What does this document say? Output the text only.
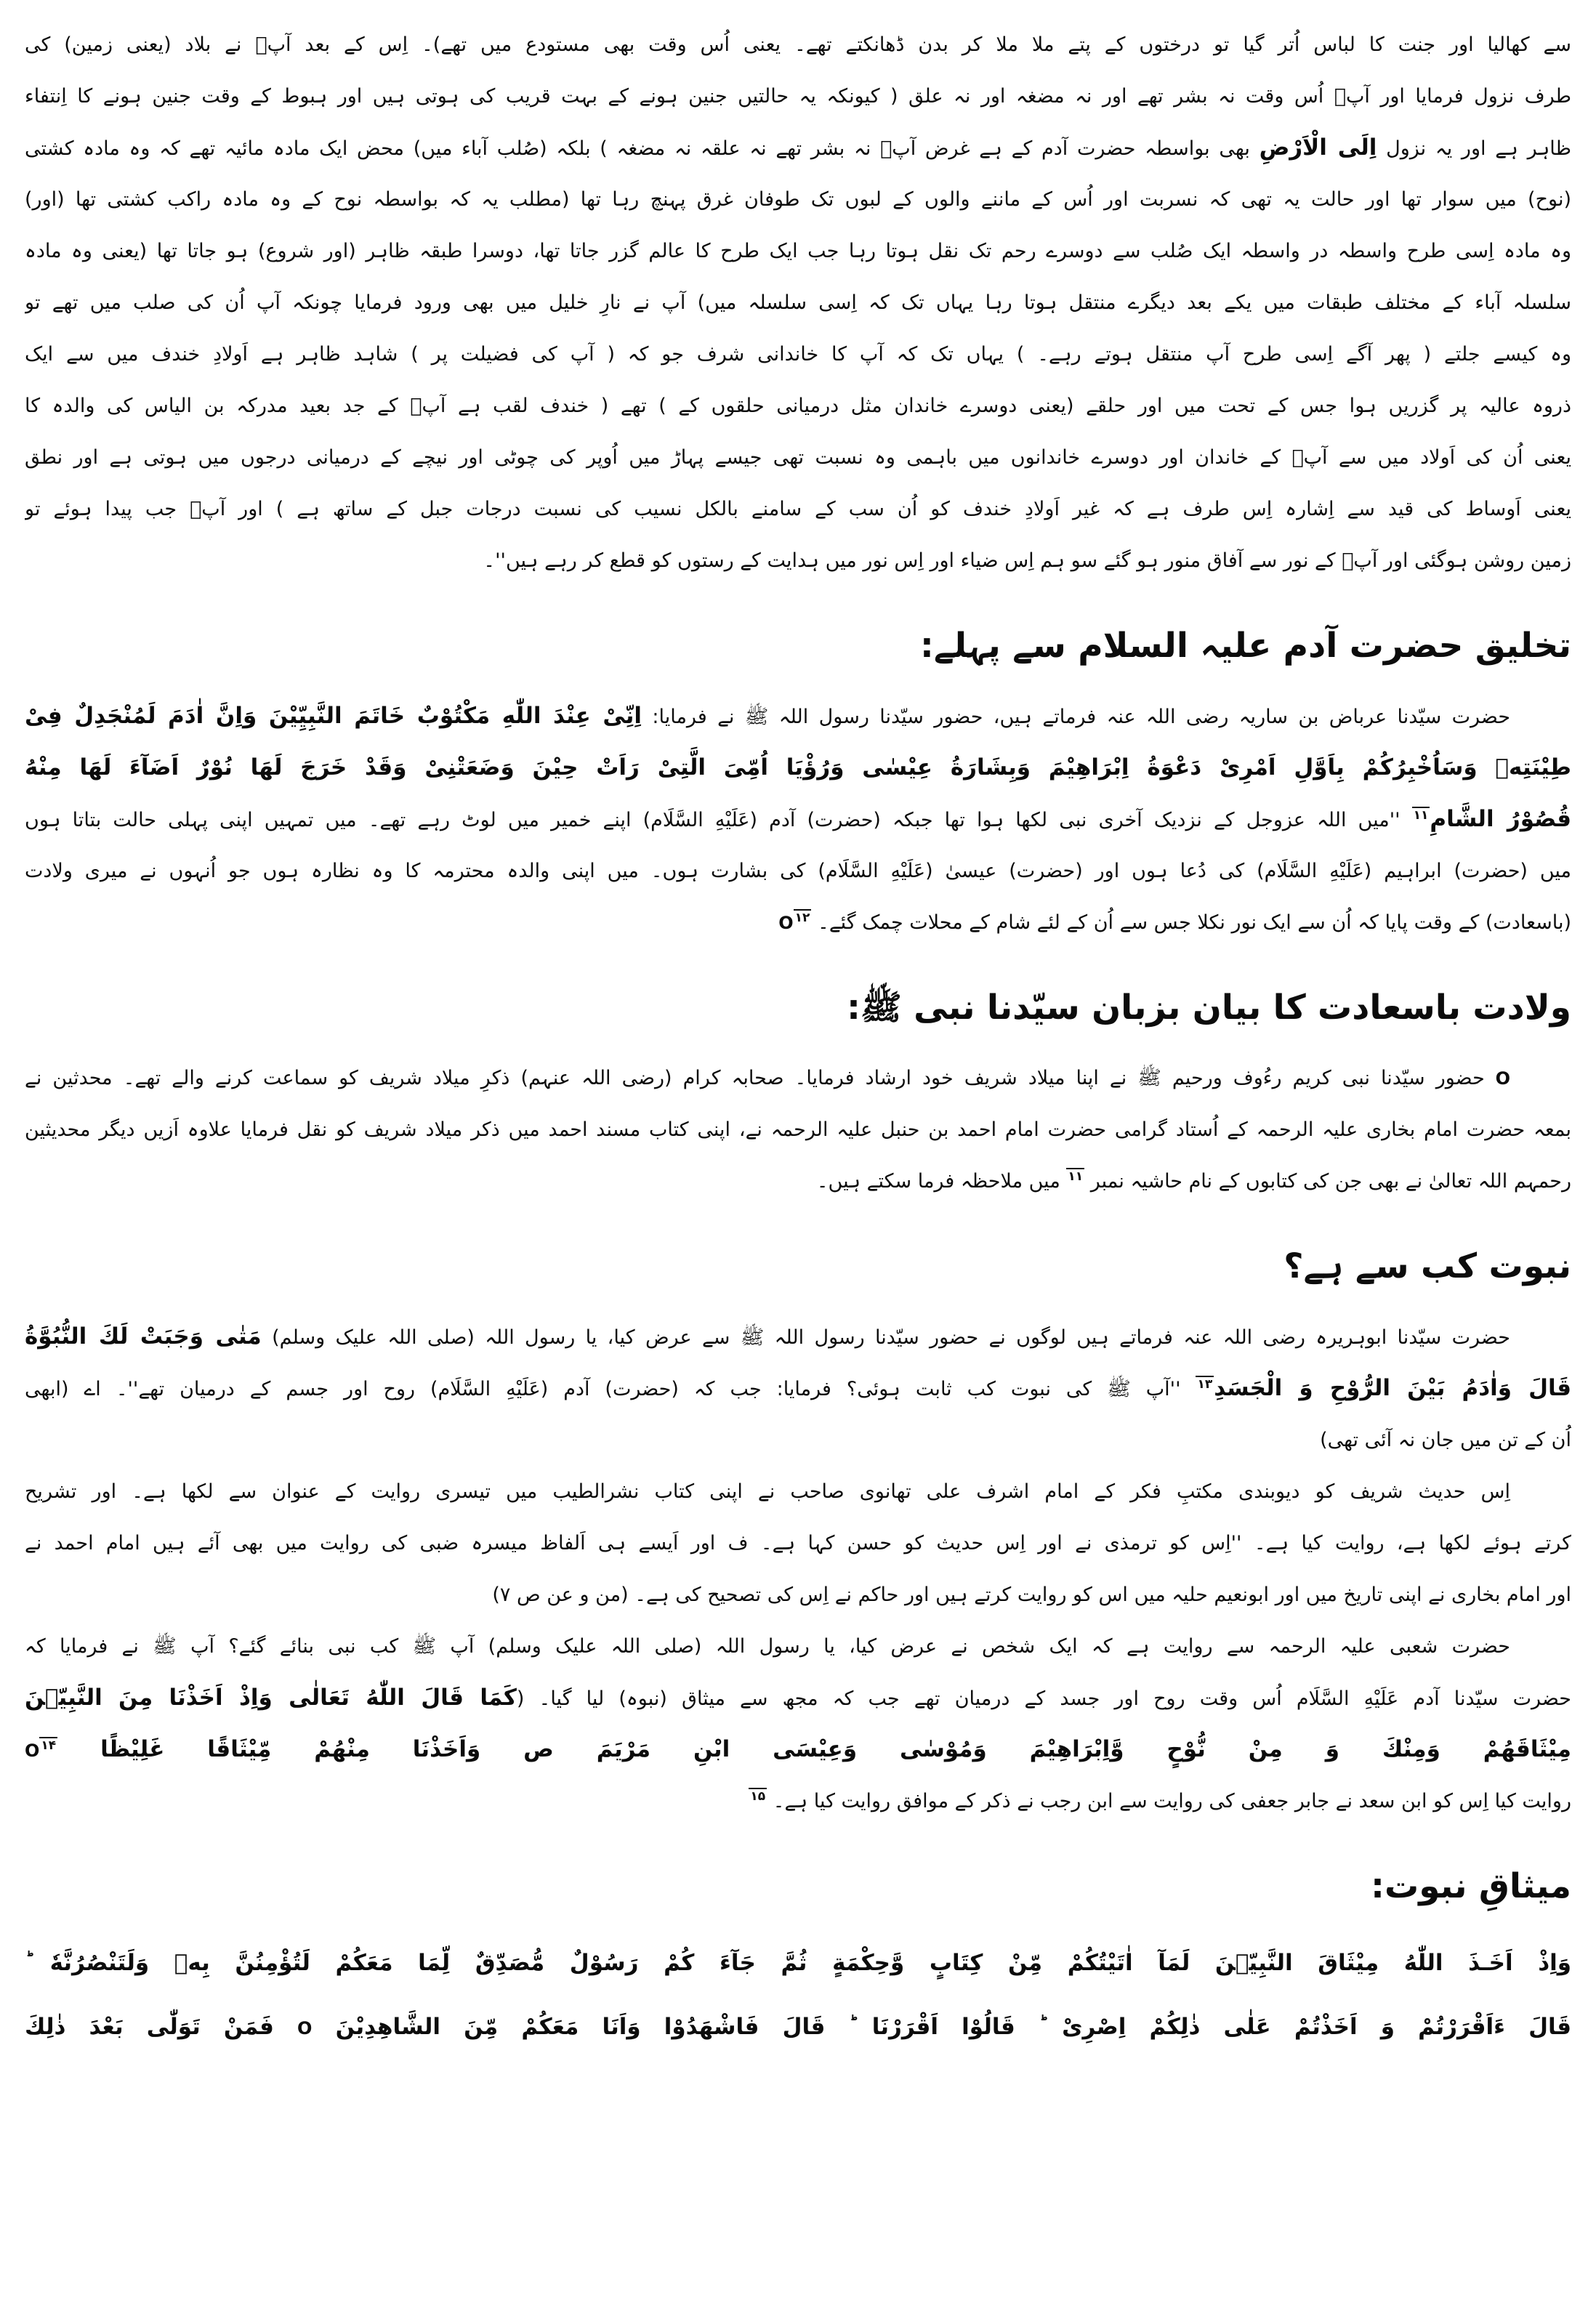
سے کھالیا اور جنت کا لباس اُتر گیا تو درختوں کے پتے ملا ملا کر بدن ڈھانکتے تھے۔ یعنی اُس وقت بھی مستودع میں تھے)۔ اِس کے بعد آپؐ نے بلاد (یعنی زمین) کی
طرف نزول فرمایا اور آپؐ اُس وقت نہ بشر تھے اور نہ مضغہ اور نہ علق ( کیونکہ یہ حالتیں جنین ہونے کے بہت قریب کی ہوتی ہیں اور ہبوط کے وقت جنین ہونے کا اِنتفاء
ظاہر ہے اور یہ نزول اِلَى الْاَرْضِ بھی بواسطہ حضرت آدم کے ہے غرض آپؐ نہ بشر تھے نہ علقہ نہ مضغہ ) بلکہ (صُلب آباء میں) محض ایک مادہ مائیہ تھے کہ وہ مادہ کشتی
(نوح) میں سوار تھا اور حالت یہ تھی کہ نسربت اور اُس کے ماننے والوں کے لبوں تک طوفان غرق پہنچ رہا تھا (مطلب یہ کہ بواسطہ نوح کے وہ مادہ راکب کشتی تھا (اور)
وہ مادہ اِسی طرح واسطہ در واسطہ ایک صُلب سے دوسرے رحم تک نقل ہوتا رہا جب ایک طرح کا عالم گزر جاتا تھا، دوسرا طبقہ ظاہر (اور شروع) ہو جاتا تھا (یعنی وہ مادہ
سلسلہ آباء کے مختلف طبقات میں یکے بعد دیگرے منتقل ہوتا رہا یہاں تک کہ اِسی سلسلہ میں) آپ نے نارِ خلیل میں بھی ورود فرمایا چونکہ آپ اُن کی صلب میں تھے تو
وہ کیسے جلتے ( پھر آگے اِسی طرح آپ منتقل ہوتے رہے۔ ) یہاں تک کہ آپ کا خاندانی شرف جو کہ ( آپ کی فضیلت پر ) شاہد ظاہر ہے اَولادِ خندف میں سے ایک
ذروہ عالیہ پر گزریں ہوا جس کے تحت میں اور حلقے (یعنی دوسرے خاندان مثل درمیانی حلقوں کے ) تھے ( خندف لقب ہے آپؐ کے جد بعید مدرکہ بن الیاس کی والدہ کا
یعنی اُن کی اَولاد میں سے آپؐ کے خاندان اور دوسرے خاندانوں میں باہمی وہ نسبت تھی جیسے پہاڑ میں اُوپر کی چوٹی اور نیچے کے درمیانی درجوں میں ہوتی ہے اور نطق
یعنی اَوساط کی قید سے اِشارہ اِس طرف ہے کہ غیر اَولادِ خندف کو اُن سب کے سامنے بالکل نسیب کی نسبت درجات جبل کے ساتھ ہے ) اور آپؐ جب پیدا ہوئے تو
زمین روشن ہوگئی اور آپؐ کے نور سے آفاق منور ہو گئے سو ہم اِس ضیاء اور اِس نور میں ہدایت کے رستوں کو قطع کر رہے ہیں''۔
تخلیق حضرت آدم علیہ السلام سے پہلے:
حضرت سیّدنا عرباض بن ساریہ رضی اللہ عنہ فرماتے ہیں، حضور سیّدنا رسول اللہ ﷺ نے فرمایا: اِنِّىْ عِنْدَ اللّٰهِ مَكْتُوْبٌ خَاتَمَ النَّبِيِّيْنَ وَاِنَّ اٰدَمَ لَمُنْجَدِلٌ فِىْ
طِيْنَتِهٖ وَسَاُخْبِرُكُمْ بِاَوَّلِ اَمْرِىْ دَعْوَةُ اِبْرَاهِيْمَ وَبِشَارَةُ عِيْسٰى وَرُؤْيَا اُمِّىَ الَّتِىْ رَاَتْ حِيْنَ وَضَعَتْنِىْ وَقَدْ خَرَجَ لَهَا نُوْرٌ اَضَآءَ لَهَا مِنْهُ
قُصُوْرُ الشَّامِ$^{۱۱}$ ''میں اللہ عزوجل کے نزدیک آخری نبی لکھا ہوا تھا جبکہ (حضرت) آدم (عَلَيْهِ السَّلَام) اپنے خمیر میں لوٹ رہے تھے۔ میں تمہیں اپنی پہلی حالت بتاتا ہوں
میں (حضرت) ابراہیم (عَلَيْهِ السَّلَام) کی دُعا ہوں اور (حضرت) عیسیٰ (عَلَيْهِ السَّلَام) کی بشارت ہوں۔ میں اپنی والدہ محترمہ کا وہ نظارہ ہوں جو اُنہوں نے میری ولادت
(باسعادت) کے وقت پایا کہ اُن سے ایک نور نکلا جس سے اُن کے لئے شام کے محلات چمک گئے۔ O $^{۱۲}$
ولادت باسعادت کا بیان بزبان سیّدنا نبی ﷺ:
O حضور سیّدنا نبی کریم رءُوف ورحیم ﷺ نے اپنا میلاد شریف خود ارشاد فرمایا۔ صحابہ کرام (رضی اللہ عنہم) ذکرِ میلاد شریف کو سماعت کرنے والے تھے۔ محدثین نے
بمعہ حضرت امام بخاری علیہ الرحمہ کے اُستاد گرامی حضرت امام احمد بن حنبل علیہ الرحمہ نے، اپنی کتاب مسند احمد میں ذکر میلاد شریف کو نقل فرمایا علاوہ اَزیں دیگر محدیثین
رحمہم اللہ تعالیٰ نے بھی جن کی کتابوں کے نام حاشیہ نمبر $^{۱۱}$ میں ملاحظہ فرما سکتے ہیں۔
نبوت کب سے ہے؟
حضرت سیّدنا ابوہریرہ رضی اللہ عنہ فرماتے ہیں لوگوں نے حضور سیّدنا رسول اللہ ﷺ سے عرض کیا، یا رسول اللہ (صلی اللہ علیک وسلم) مَتٰى وَجَبَتْ لَكَ النُّبُوَّةُ
قَالَ وَاٰدَمُ بَيْنَ الرُّوْحِ وَ الْجَسَدِ$^{۱۳}$ ''آپ ﷺ کی نبوت کب ثابت ہوئی؟ فرمایا: جب کہ (حضرت) آدم (عَلَيْهِ السَّلَام) روح اور جسم کے درمیان تھے''۔ اے (ابھی
اُن کے تن میں جان نہ آئی تھی)
اِس حدیث شریف کو دیوبندی مکتبِ فکر کے امام اشرف علی تھانوی صاحب نے اپنی کتاب نشرالطیب میں تیسری روایت کے عنوان سے لکھا ہے۔ اور تشریح
کرتے ہوئے لکھا ہے، روایت کیا ہے۔ ''اِس کو ترمذی نے اور اِس حدیث کو حسن کہا ہے۔ ف اور اَیسے ہی اَلفاظ میسرہ ضبی کی روایت میں بھی آئے ہیں امام احمد نے
اور امام بخاری نے اپنی تاریخ میں اور ابونعیم حلیہ میں اس کو روایت کرتے ہیں اور حاکم نے اِس کی تصحیح کی ہے۔ (من و عن ص ۷)
حضرت شعبی علیہ الرحمہ سے روایت ہے کہ ایک شخص نے عرض کیا، یا رسول اللہ (صلی اللہ علیک وسلم) آپ ﷺ کب نبی بنائے گئے؟ آپ ﷺ نے فرمایا کہ
حضرت سیّدنا آدم عَلَيْهِ السَّلَام اُس وقت روح اور جسد کے درمیان تھے جب کہ مجھ سے میثاق (نبوہ) لیا گیا۔ (كَمَا قَالَ اللّٰهُ تَعَالٰى وَاِذْ اَخَذْنَا مِنَ النَّبِيّٖنَ
مِيْثَاقَهُمْ وَمِنْكَ وَ مِنْ نُّوْحٍ وَّاِبْرَاهِيْمَ وَمُوْسٰى وَعِيْسَى ابْنِ مَرْيَمَ ص وَاَخَذْنَا مِنْهُمْ مِّيْثَاقًا غَلِيْظًا O $^{۱۴}$
روایت کیا اِس کو ابن سعد نے جابر جعفی کی روایت سے ابن رجب نے ذکر کے موافق روایت کیا ہے۔ $^{۱۵}$
میثاقِ نبوت:
وَاِذْ اَخَـذَ اللّٰهُ مِيْثَاقَ النَّبِيّٖنَ لَمَآ اٰتَيْتُكُمْ مِّنْ كِتَابٍ وَّحِكْمَةٍ ثُمَّ جَآءَ كُمْ رَسُوْلٌ مُّصَدِّقٌ لِّمَا مَعَكُمْ لَتُؤْمِنُنَّ بِهٖ وَلَتَنْصُرُنَّهٗ ؕ
قَالَ ءَاَقْرَرْتُمْ وَ اَخَذْتُمْ عَلٰى ذٰلِكُمْ اِصْرِىْ ؕ قَالُوْا اَقْرَرْنَا ؕ قَالَ فَاشْهَدُوْا وَاَنَا مَعَكُمْ مِّنَ الشَّاهِدِيْنَ O فَمَنْ تَوَلّٰى بَعْدَ ذٰلِكَ
